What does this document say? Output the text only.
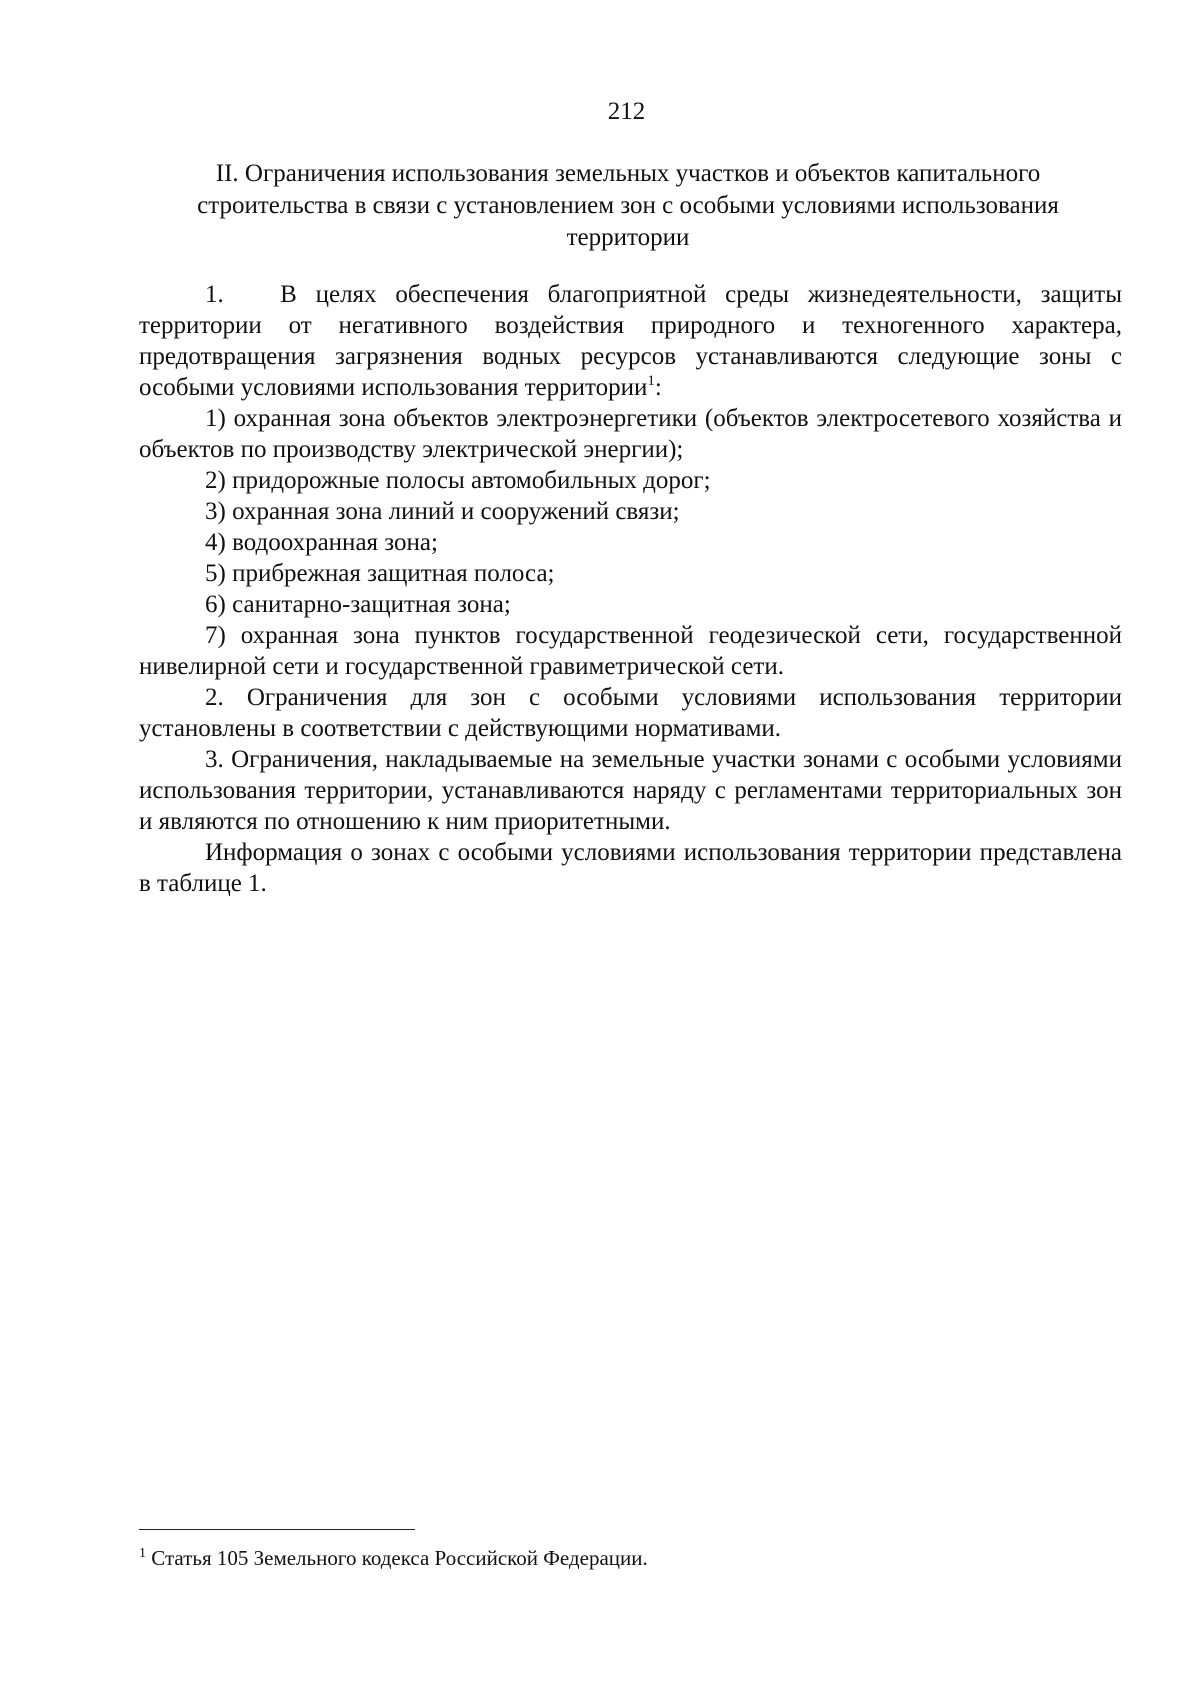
212
II. Ограничения использования земельных участков и объектов капитального строительства в связи с установлением зон с особыми условиями использования территории

1.   В целях обеспечения благоприятной среды жизнедеятельности, защиты территории от негативного воздействия природного и техногенного характера, предотвращения загрязнения водных ресурсов устанавливаются следующие зоны с особыми условиями использования территории$^1$:

1) охранная зона объектов электроэнергетики (объектов электросетевого хозяйства и объектов по производству электрической энергии);

2) придорожные полосы автомобильных дорог;

3) охранная зона линий и сооружений связи;

4) водоохранная зона;

5) прибрежная защитная полоса;

6) санитарно-защитная зона;

7) охранная зона пунктов государственной геодезической сети, государственной нивелирной сети и государственной гравиметрической сети.

2. Ограничения для зон с особыми условиями использования территории установлены в соответствии с действующими нормативами.

3. Ограничения, накладываемые на земельные участки зонами с особыми условиями использования территории, устанавливаются наряду с регламентами территориальных зон и являются по отношению к ним приоритетными.

Информация о зонах с особыми условиями использования территории представлена в таблице 1.

$^1$ Статья 105 Земельного кодекса Российской Федерации.
